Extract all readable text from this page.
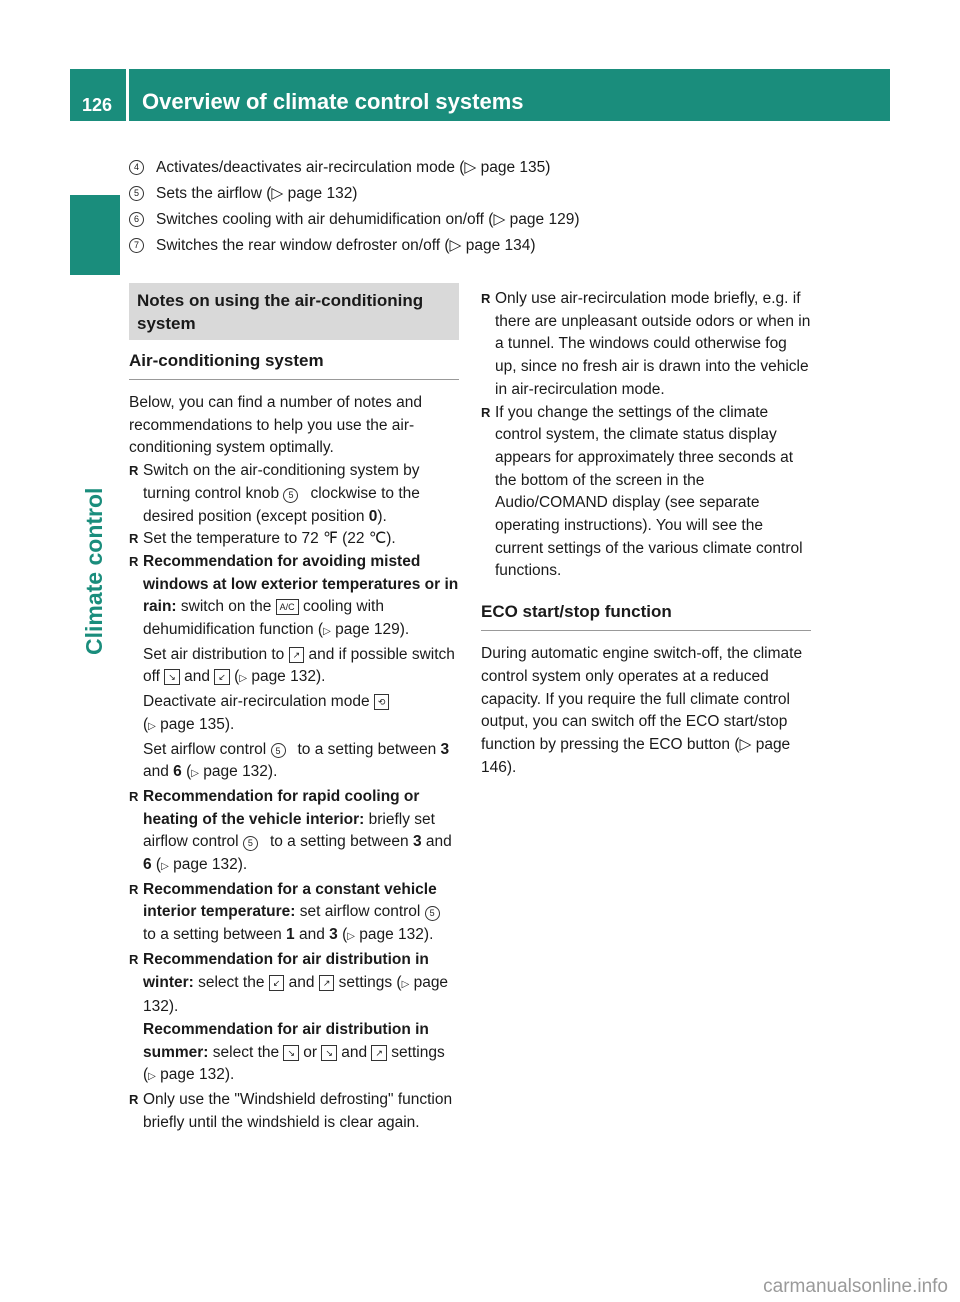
126 Overview of climate control systems
Climate control
4	Activates/deactivates air-recirculation mode (▷ page 135)
5	Sets the airflow (▷ page 132)
6	Switches cooling with air dehumidification on/off (▷ page 129)
7	Switches the rear window defroster on/off (▷ page 134)
Notes on using the air-conditioning system
Air-conditioning system

Below, you can find a number of notes and recommendations to help you use the air-conditioning system optimally.

R Switch on the air-conditioning system by turning control knob 5 clockwise to the desired position (except position 0).

R Set the temperature to 72 ℉ (22 ℃).

R Recommendation for avoiding misted windows at low exterior temperatures or in rain: switch on the A/C cooling with dehumidification function (▷ page 129).
Set air distribution to ↗ and if possible switch off ↘ and ↙ (▷ page 132).
Deactivate air-recirculation mode ⟲
(▷ page 135).
Set airflow control 5 to a setting between 3 and 6 (▷ page 132).

R Recommendation for rapid cooling or heating of the vehicle interior: briefly set airflow control 5 to a setting between 3 and 6 (▷ page 132).

R Recommendation for a constant vehicle interior temperature: set airflow control 5to a setting between 1 and 3 (▷ page 132).

R Recommendation for air distribution in winter: select the ↙ and ↗ settings (▷ page 132).
Recommendation for air distribution in summer: select the ↘ or ↘ and ↗ settings (▷ page 132).

R Only use the "Windshield defrosting" function briefly until the windshield is clear again.

R Only use air-recirculation mode briefly, e.g. if there are unpleasant outside odors or when in a tunnel. The windows could otherwise fog up, since no fresh air is drawn into the vehicle in air-recirculation mode.

R If you change the settings of the climate control system, the climate status display appears for approximately three seconds at the bottom of the screen in the Audio/COMAND display (see separate operating instructions). You will see the current settings of the various climate control functions.

ECO start/stop function

During automatic engine switch-off, the climate control system only operates at a reduced capacity. If you require the full climate control output, you can switch off the ECO start/stop function by pressing the ECO button (▷ page 146).

carmanualsonline.info
